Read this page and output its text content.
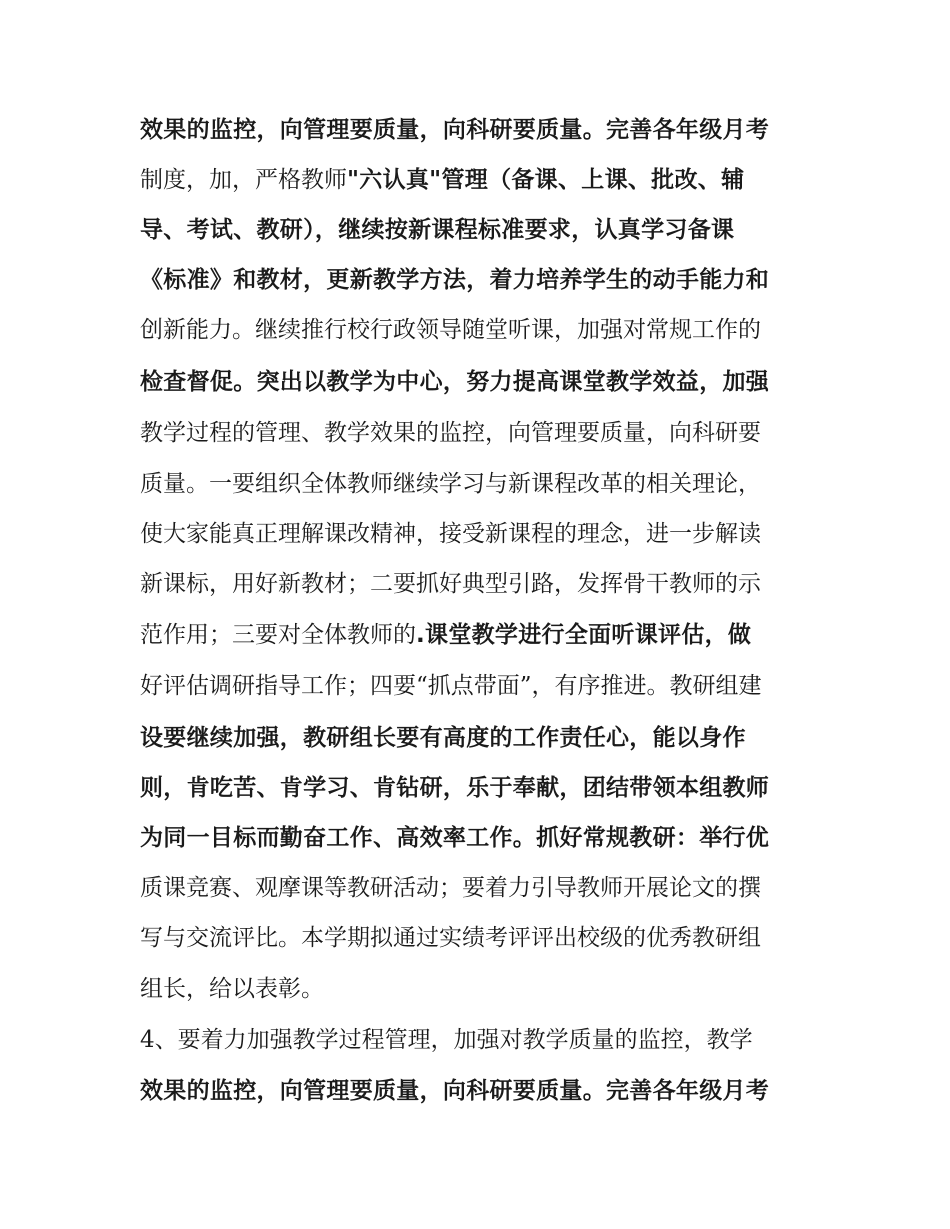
效果的监控，向管理要质量，向科研要质量。完善各年级月考
制度，加，严格教师"六认真"管理（备课、上课、批改、辅
导、考试、教研），继续按新课程标准要求，认真学习备课
《标准》和教材，更新教学方法，着力培养学生的动手能力和
创新能力。继续推行校行政领导随堂听课，加强对常规工作的
检查督促。突出以教学为中心，努力提高课堂教学效益，加强
教学过程的管理、教学效果的监控，向管理要质量，向科研要
质量。一要组织全体教师继续学习与新课程改革的相关理论，
使大家能真正理解课改精神，接受新课程的理念，进一步解读
新课标，用好新教材；二要抓好典型引路，发挥骨干教师的示
范作用；三要对全体教师的.课堂教学进行全面听课评估，做
好评估调研指导工作；四要“抓点带面”，有序推进。教研组建
设要继续加强，教研组长要有高度的工作责任心，能以身作
则，肯吃苦、肯学习、肯钻研，乐于奉献，团结带领本组教师
为同一目标而勤奋工作、高效率工作。抓好常规教研：举行优
质课竞赛、观摩课等教研活动；要着力引导教师开展论文的撰
写与交流评比。本学期拟通过实绩考评评出校级的优秀教研组
组长，给以表彰。
4、要着力加强教学过程管理，加强对教学质量的监控，教学
效果的监控，向管理要质量，向科研要质量。完善各年级月考
